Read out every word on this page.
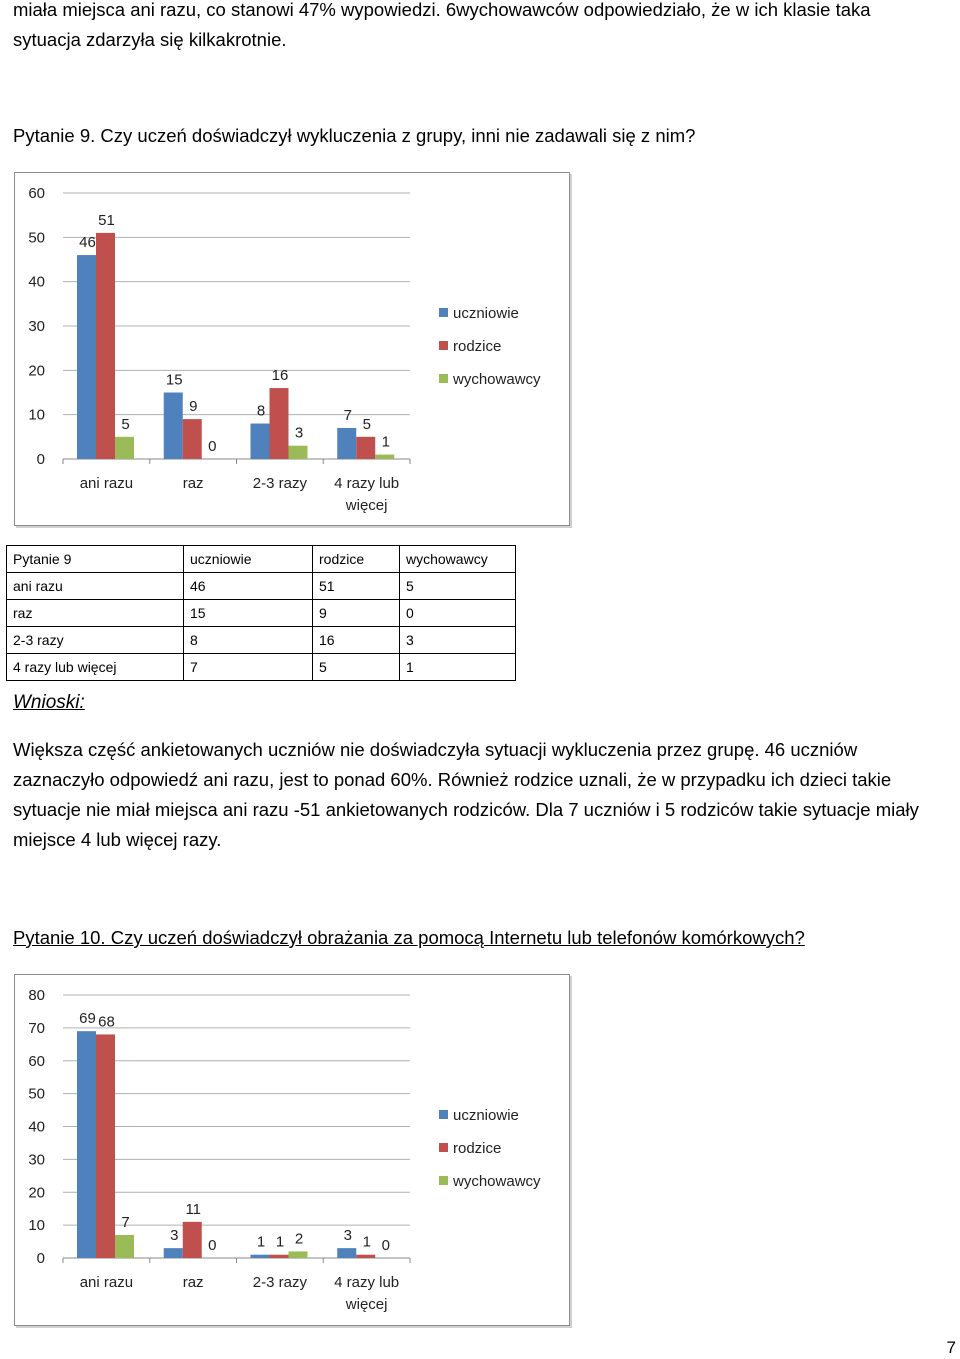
miała miejsca ani razu, co stanowi 47% wypowiedzi. 6wychowawców odpowiedziało, że w ich klasie taka
sytuacja zdarzyła się kilkakrotnie.
Pytanie 9. Czy uczeń doświadczył wykluczenia z grupy, inni nie zadawali się z nim?
0
10
20
30
40
50
60
46
15
8	7
51
9
16
5
5
0
3
1
ani razu	raz	2-3 razy 4 razy lub
więcej
uczniowie
rodzice
wychowawcy
Pytanie 9	uczniowie	rodzice	wychowawcy
ani razu	46	51	5
raz	15	9	0
2-3 razy	8	16	3
4 razy lub więcej	7	5	1
Wnioski:
Większa część ankietowanych uczniów nie doświadczyła sytuacji wykluczenia przez grupę. 46 uczniów zaznaczyło odpowiedź ani razu, jest to ponad 60%. Również rodzice uznali, że w przypadku ich dzieci takie sytuacje nie miał miejsca ani razu -51 ankietowanych rodziców. Dla 7 uczniów i 5 rodziców takie sytuacje miały miejsce 4 lub więcej razy.
Pytanie 10. Czy uczeń doświadczył obrażania za pomocą Internetu lub telefonów komórkowych?
0
10
20
30
40
50
60
70
80
69
3	1	3
68
11
1	1
7
0	2	0
ani razu	raz	2-3 razy 4 razy lub
więcej
uczniowie
rodzice
wychowawcy
7
